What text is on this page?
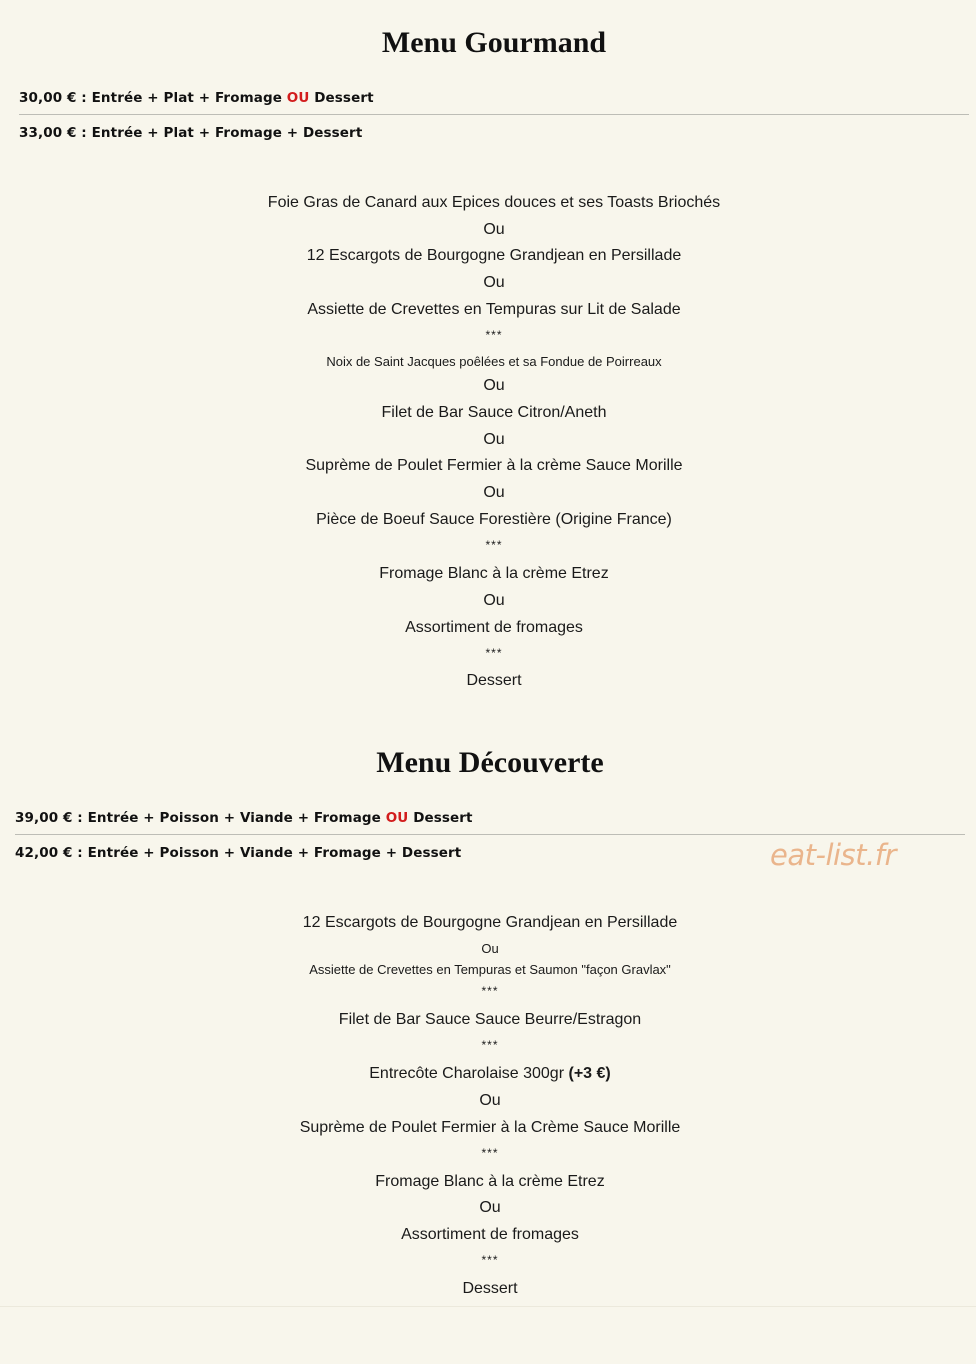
Menu Gourmand
30,00 € : Entrée + Plat + Fromage OU Dessert
33,00 € : Entrée + Plat + Fromage + Dessert
Foie Gras de Canard aux Epices douces et ses Toasts Briochés
Ou
12 Escargots de Bourgogne Grandjean en Persillade
Ou
Assiette de Crevettes en Tempuras sur Lit de Salade
***
Noix de Saint Jacques poêlées et sa Fondue de Poirreaux
Ou
Filet de Bar Sauce Citron/Aneth
Ou
Suprème de Poulet Fermier à la crème Sauce Morille
Ou
Pièce de Boeuf Sauce Forestière (Origine France)
***
Fromage Blanc à la crème Etrez
Ou
Assortiment de fromages
***
Dessert
Menu Découverte
39,00 € : Entrée + Poisson + Viande + Fromage OU Dessert
42,00 € : Entrée + Poisson + Viande + Fromage + Dessert	eat-list.fr
12 Escargots de Bourgogne Grandjean en Persillade
Ou
Assiette de Crevettes en Tempuras et Saumon "façon Gravlax"
***
Filet de Bar Sauce Sauce Beurre/Estragon
***
Entrecôte Charolaise 300gr (+3 €)
Ou
Suprème de Poulet Fermier à la Crème Sauce Morille
***
Fromage Blanc à la crème Etrez
Ou
Assortiment de fromages
***
Dessert
